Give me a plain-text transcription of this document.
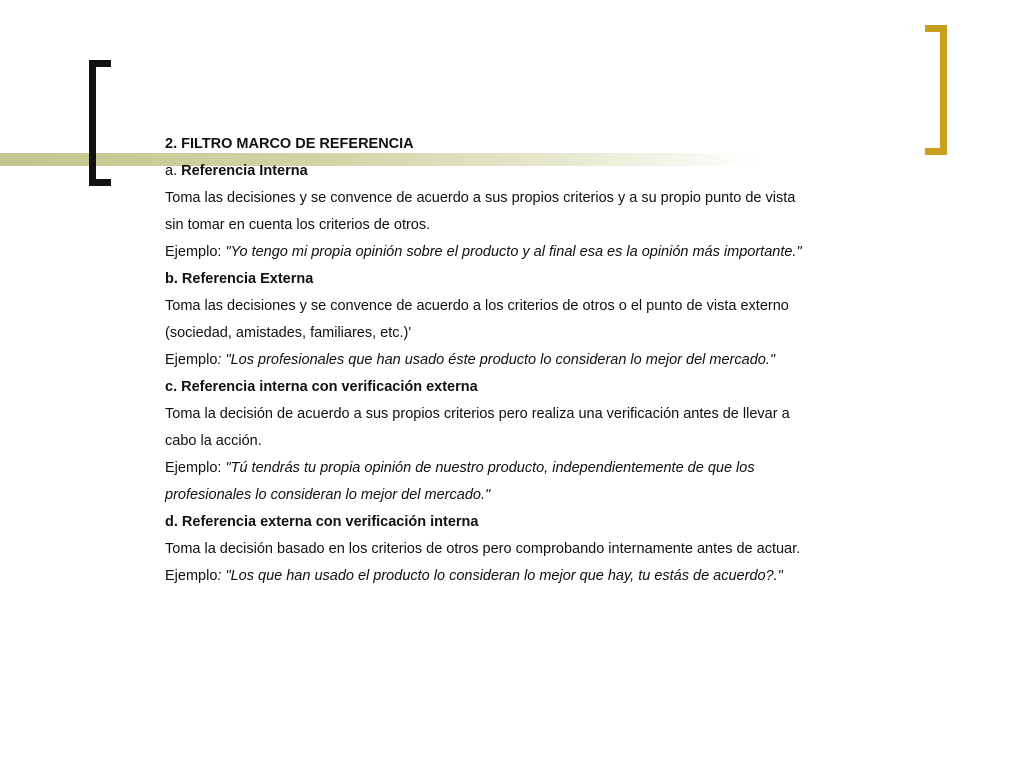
2. FILTRO MARCO DE REFERENCIA

a. Referencia Interna

Toma las decisiones y se convence de acuerdo a sus propios criterios y a su propio punto de vista

sin tomar en cuenta los criterios de otros.

Ejemplo: "Yo tengo mi propia opinión sobre el producto y al final esa es la opinión más importante."

b. Referencia Externa

Toma las decisiones y se convence de acuerdo a los criterios de otros o el punto de vista externo

(sociedad, amistades, familiares, etc.)'

Ejemplo: "Los profesionales que han usado éste producto lo consideran lo mejor del mercado."

c. Referencia interna con verificación externa

Toma la decisión de acuerdo a sus propios criterios pero realiza una verificación antes de llevar a

cabo la acción.

Ejemplo: "Tú tendrás tu propia opinión de nuestro producto, independientemente de que los

profesionales lo consideran lo mejor del mercado."

d. Referencia externa con verificación interna

Toma la decisión basado en los criterios de otros pero comprobando internamente antes de actuar.

Ejemplo: "Los que han usado el producto lo consideran lo mejor que hay, tu estás de acuerdo?."
